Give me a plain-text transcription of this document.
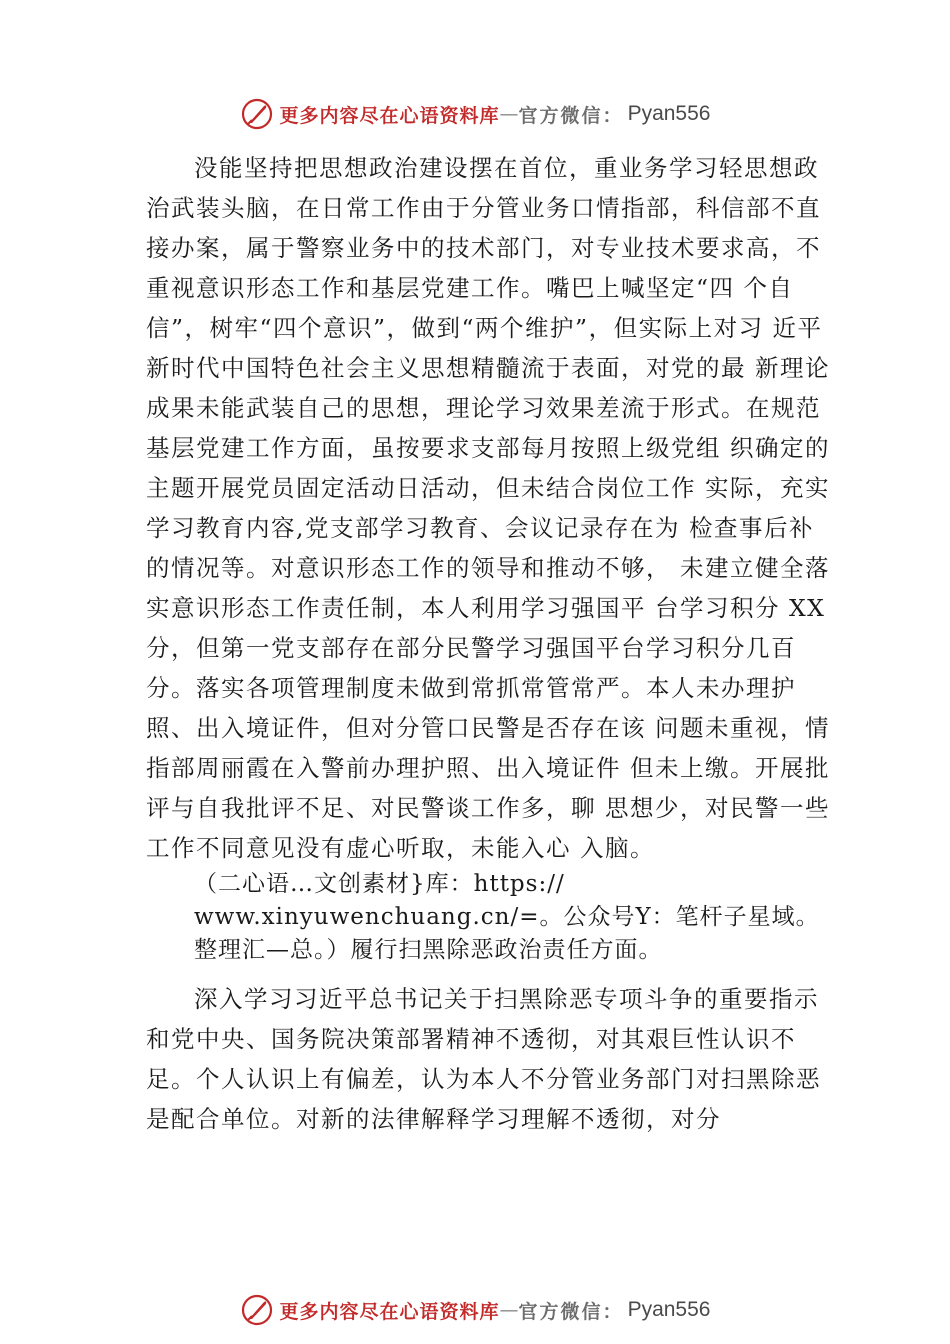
更多内容尽在心语资料库 — 官方微信： Pyan556

没能坚持把思想政治建设摆在首位，重业务学习轻思想政治武装头脑，在日常工作由于分管业务口情指部，科信部不直接办案，属于警察业务中的技术部门，对专业技术要求高，不重视意识形态工作和基层党建工作。嘴巴上喊坚定“四 个自信”，树牢“四个意识”，做到“两个维护”，但实际上对习 近平新时代中国特色社会主义思想精髓流于表面，对党的最 新理论成果未能武装自己的思想，理论学习效果差流于形式。在规范基层党建工作方面，虽按要求支部每月按照上级党组 织确定的主题开展党员固定活动日活动，但未结合岗位工作 实际，充实学习教育内容,党支部学习教育、会议记录存在为 检查事后补的情况等。对意识形态工作的领导和推动不够， 未建立健全落实意识形态工作责任制，本人利用学习强国平 台学习积分 XX分，但第一党支部存在部分民警学习强国平台学习积分几百分。落实各项管理制度未做到常抓常管常严。本人未办理护照、出入境证件，但对分管口民警是否存在该 问题未重视，情指部周丽霞在入警前办理护照、出入境证件 但未上缴。开展批评与自我批评不足、对民警谈工作多，聊 思想少，对民警一些工作不同意见没有虚心听取，未能入心 入脑。

（二心语…文创素材}库：https://
www.xinyuwenchuang.cn/=。公众号Y：笔杆子星域。整理汇—总。）履行扫黑除恶政治责任方面。

深入学习习近平总书记关于扫黑除恶专项斗争的重要指示和党中央、国务院决策部署精神不透彻，对其艰巨性认识不足。个人认识上有偏差，认为本人不分管业务部门对扫黑除恶是配合单位。对新的法律解释学习理解不透彻，对分

更多内容尽在心语资料库 — 官方微信： Pyan556
